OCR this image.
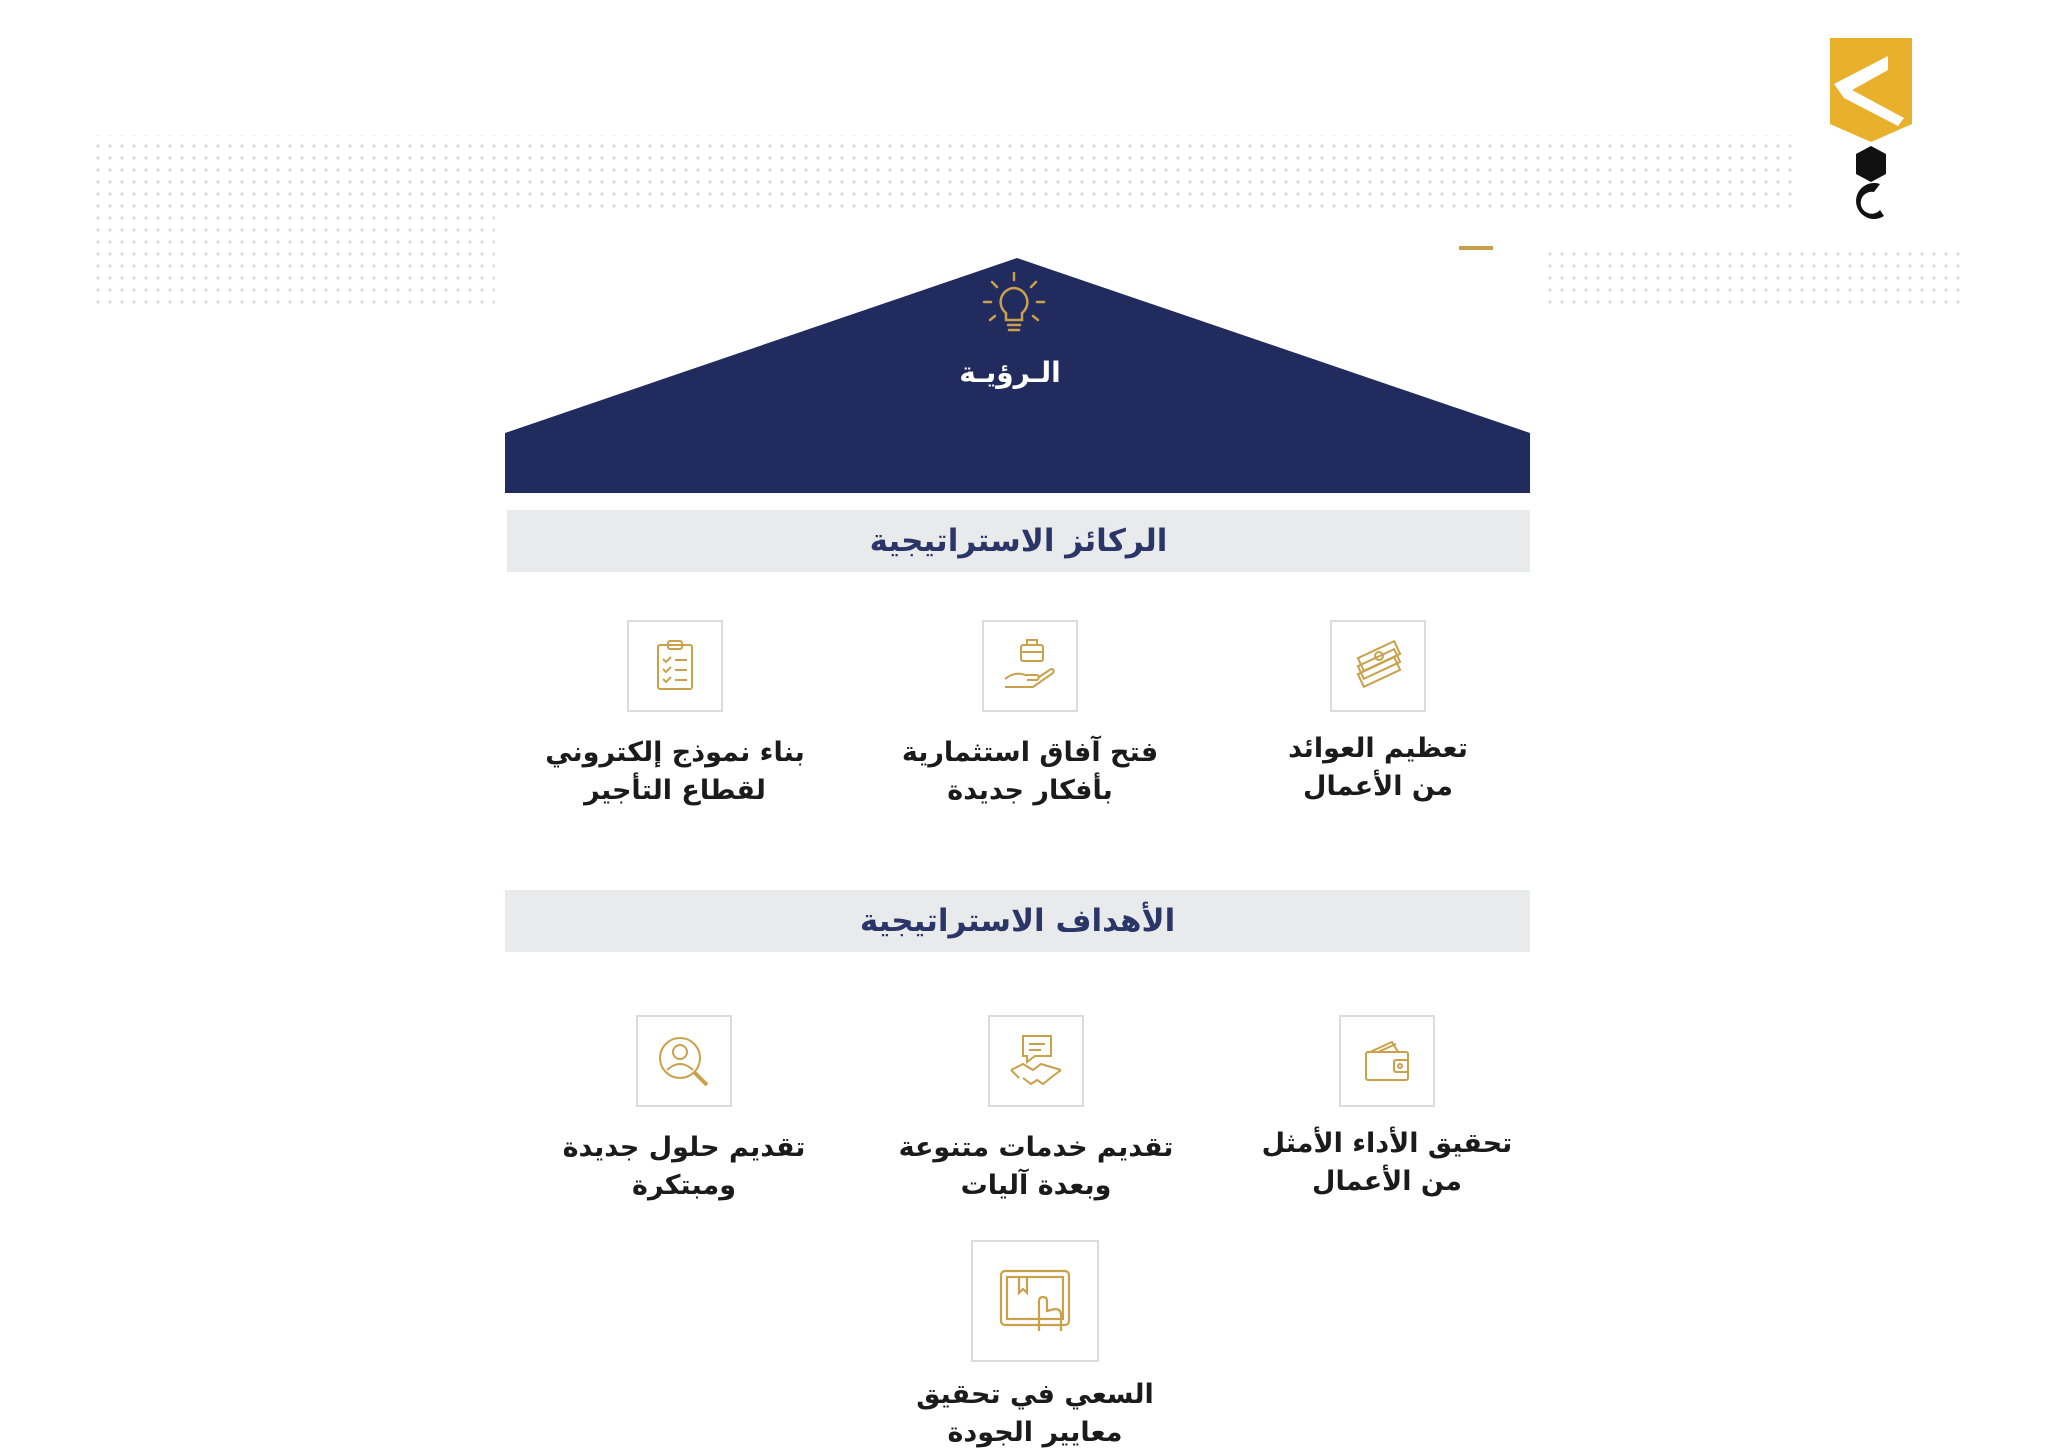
الـرؤيـة
الركائز الاستراتيجية
تعظيم العوائد
من الأعمال
فتح آفاق استثمارية
بأفكار جديدة
بناء نموذج إلكتروني
لقطاع التأجير
الأهداف الاستراتيجية
تحقيق الأداء الأمثل
من الأعمال
تقديم خدمات متنوعة
وبعدة آليات
تقديم حلول جديدة
ومبتكرة
السعي في تحقيق
معايير الجودة
